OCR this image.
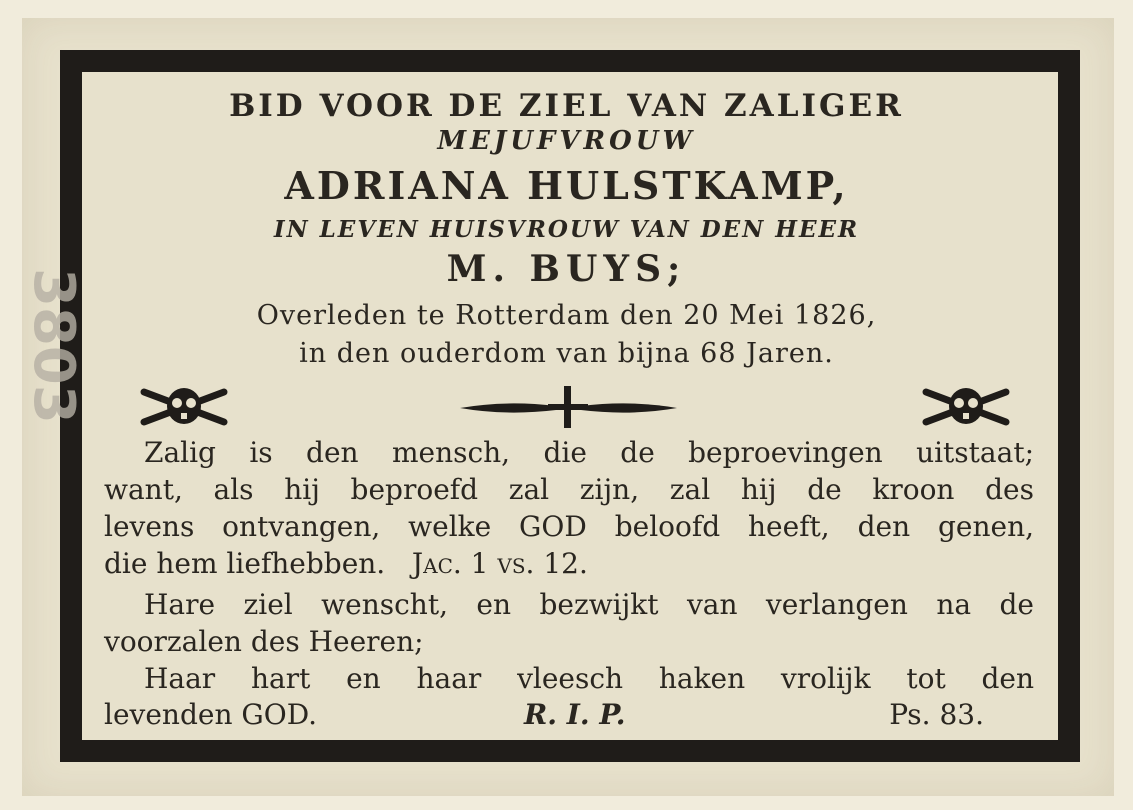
3803
BID VOOR DE ZIEL VAN ZALIGER
MEJUFVROUW
ADRIANA HULSTKAMP,
IN LEVEN HUISVROUW VAN DEN HEER
M. BUYS;
Overleden te Rotterdam den 20 Mei 1826,
in den ouderdom van bijna 68 Jaren.
Zalig is den mensch, die de beproevingen uitstaat;
want, als hij beproefd zal zijn, zal hij de kroon des
levens ontvangen, welke GOD beloofd heeft, den genen,
die hem liefhebben. Jac. 1 vs. 12.
Hare ziel wenscht, en bezwijkt van verlangen na de
voorzalen des Heeren;
Haar hart en haar vleesch haken vrolijk tot den
levenden GOD.	R. I. P.	Ps. 83.
